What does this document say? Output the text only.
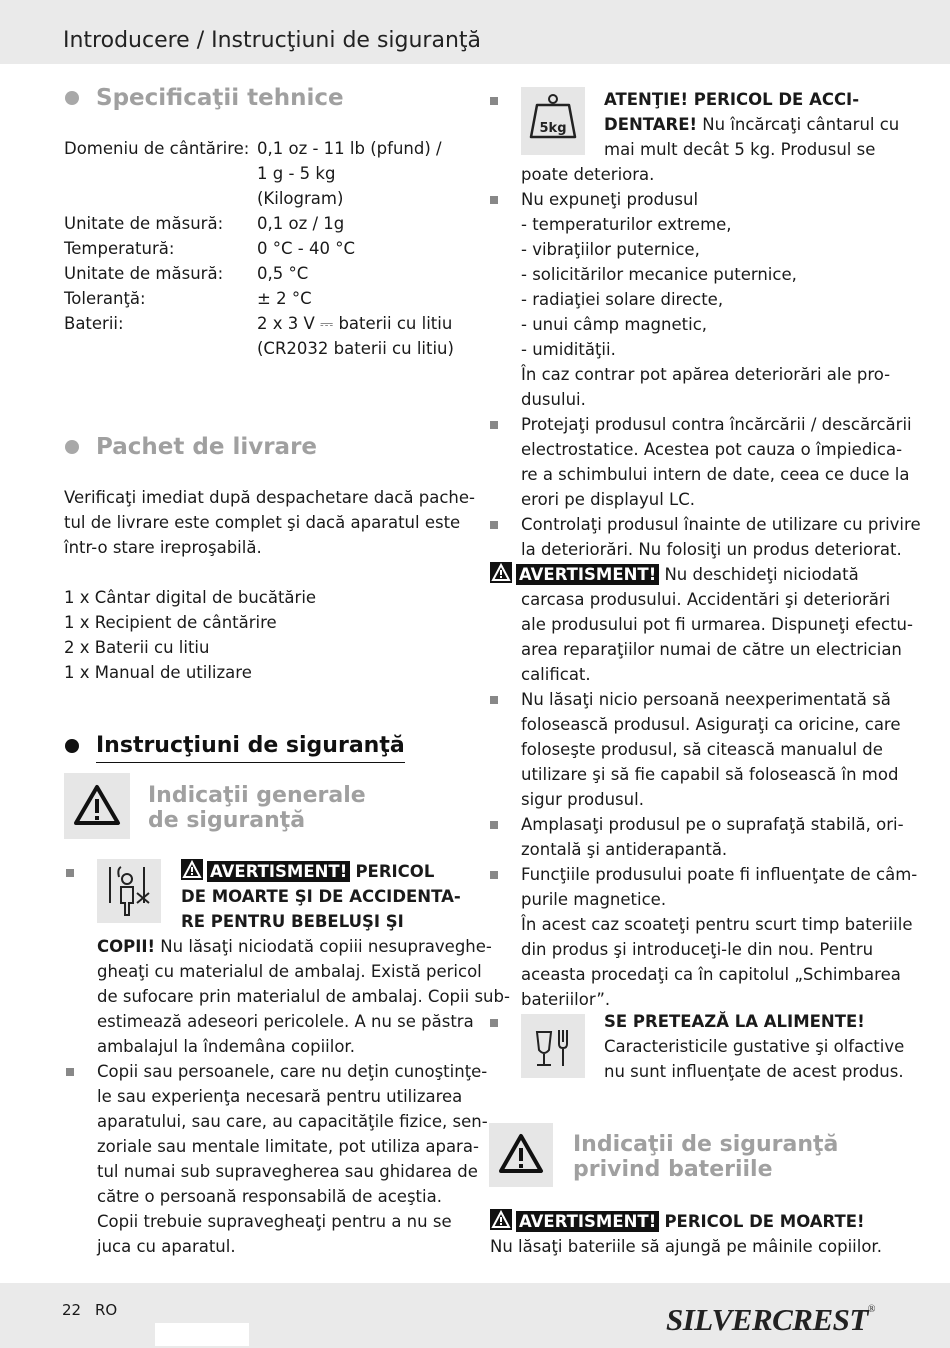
Introducere / Instrucţiuni de siguranţă
Specificaţii tehnice
Domeniu de cântărire: 0,1 oz - 11 lb (pfund) /
1 g - 5 kg
(Kilogram)
Unitate de măsură: 0,1 oz / 1g
Temperatură:	0 °C - 40 °C
Unitate de măsură: 0,5 °C
Toleranţă:	± 2 °C
Baterii:	2 x 3 V ⎓ baterii cu litiu
(CR2032 baterii cu litiu)
Pachet de livrare
Verificaţi imediat după despachetare dacă pache-
tul de livrare este complet şi dacă aparatul este
într-o stare ireproşabilă.
1 x Cântar digital de bucătărie
1 x Recipient de cântărire
2 x Baterii cu litiu
1 x Manual de utilizare
Instrucţiuni de siguranţă
Indicaţii generale
de siguranţă
AVERTISMENT! PERICOL
DE MOARTE ŞI DE ACCIDENTA-
RE PENTRU BEBELUŞI ŞI
COPII! Nu lăsaţi niciodată copiii nesupraveghe-
gheaţi cu materialul de ambalaj. Există pericol
de sufocare prin materialul de ambalaj. Copii sub-
estimează adeseori pericolele. A nu se păstra
ambalajul la îndemâna copiilor.
Copii sau persoanele, care nu deţin cunoştinţe-
le sau experienţa necesară pentru utilizarea
aparatului, sau care, au capacităţile fizice, sen-
zoriale sau mentale limitate, pot utiliza apara-
tul numai sub supravegherea sau ghidarea de
către o persoană responsabilă de aceştia.
Copii trebuie supravegheaţi pentru a nu se
juca cu aparatul.
5kg
ATENŢIE! PERICOL DE ACCI-
DENTARE! Nu încărcaţi cântarul cu
mai mult decât 5 kg. Produsul se
poate deteriora.
Nu expuneţi produsul
- temperaturilor extreme,
- vibraţiilor puternice,
- solicitărilor mecanice puternice,
- radiaţiei solare directe,
- unui câmp magnetic,
- umidităţii.
În caz contrar pot apărea deteriorări ale pro-
dusului.
Protejaţi produsul contra încărcării / descărcării
electrostatice. Acestea pot cauza o împiedica-
re a schimbului intern de date, ceea ce duce la
erori pe displayul LC.
Controlaţi produsul înainte de utilizare cu privire
la deteriorări. Nu folosiţi un produs deteriorat.
AVERTISMENT! Nu deschideţi niciodată
carcasa produsului. Accidentări şi deteriorări
ale produsului pot fi urmarea. Dispuneţi efectu-
area reparaţiilor numai de către un electrician
calificat.
Nu lăsaţi nicio persoană neexperimentată să
folosească produsul. Asiguraţi ca oricine, care
foloseşte produsul, să citească manualul de
utilizare şi să fie capabil să folosească în mod
sigur produsul.
Amplasaţi produsul pe o suprafaţă stabilă, ori-
zontală şi antiderapantă.
Funcţiile produsului poate fi influenţate de câm-
purile magnetice.
În acest caz scoateţi pentru scurt timp bateriile
din produs şi introduceţi-le din nou. Pentru
aceasta procedaţi ca în capitolul „Schimbarea
bateriilor”.
SE PRETEAZĂ LA ALIMENTE!
Caracteristicile gustative şi olfactive
nu sunt influenţate de acest produs.
Indicaţii de siguranţă
privind bateriile
AVERTISMENT! PERICOL DE MOARTE!
Nu lăsaţi bateriile să ajungă pe mâinile copiilor.
22 RO	SILVERCREST®
